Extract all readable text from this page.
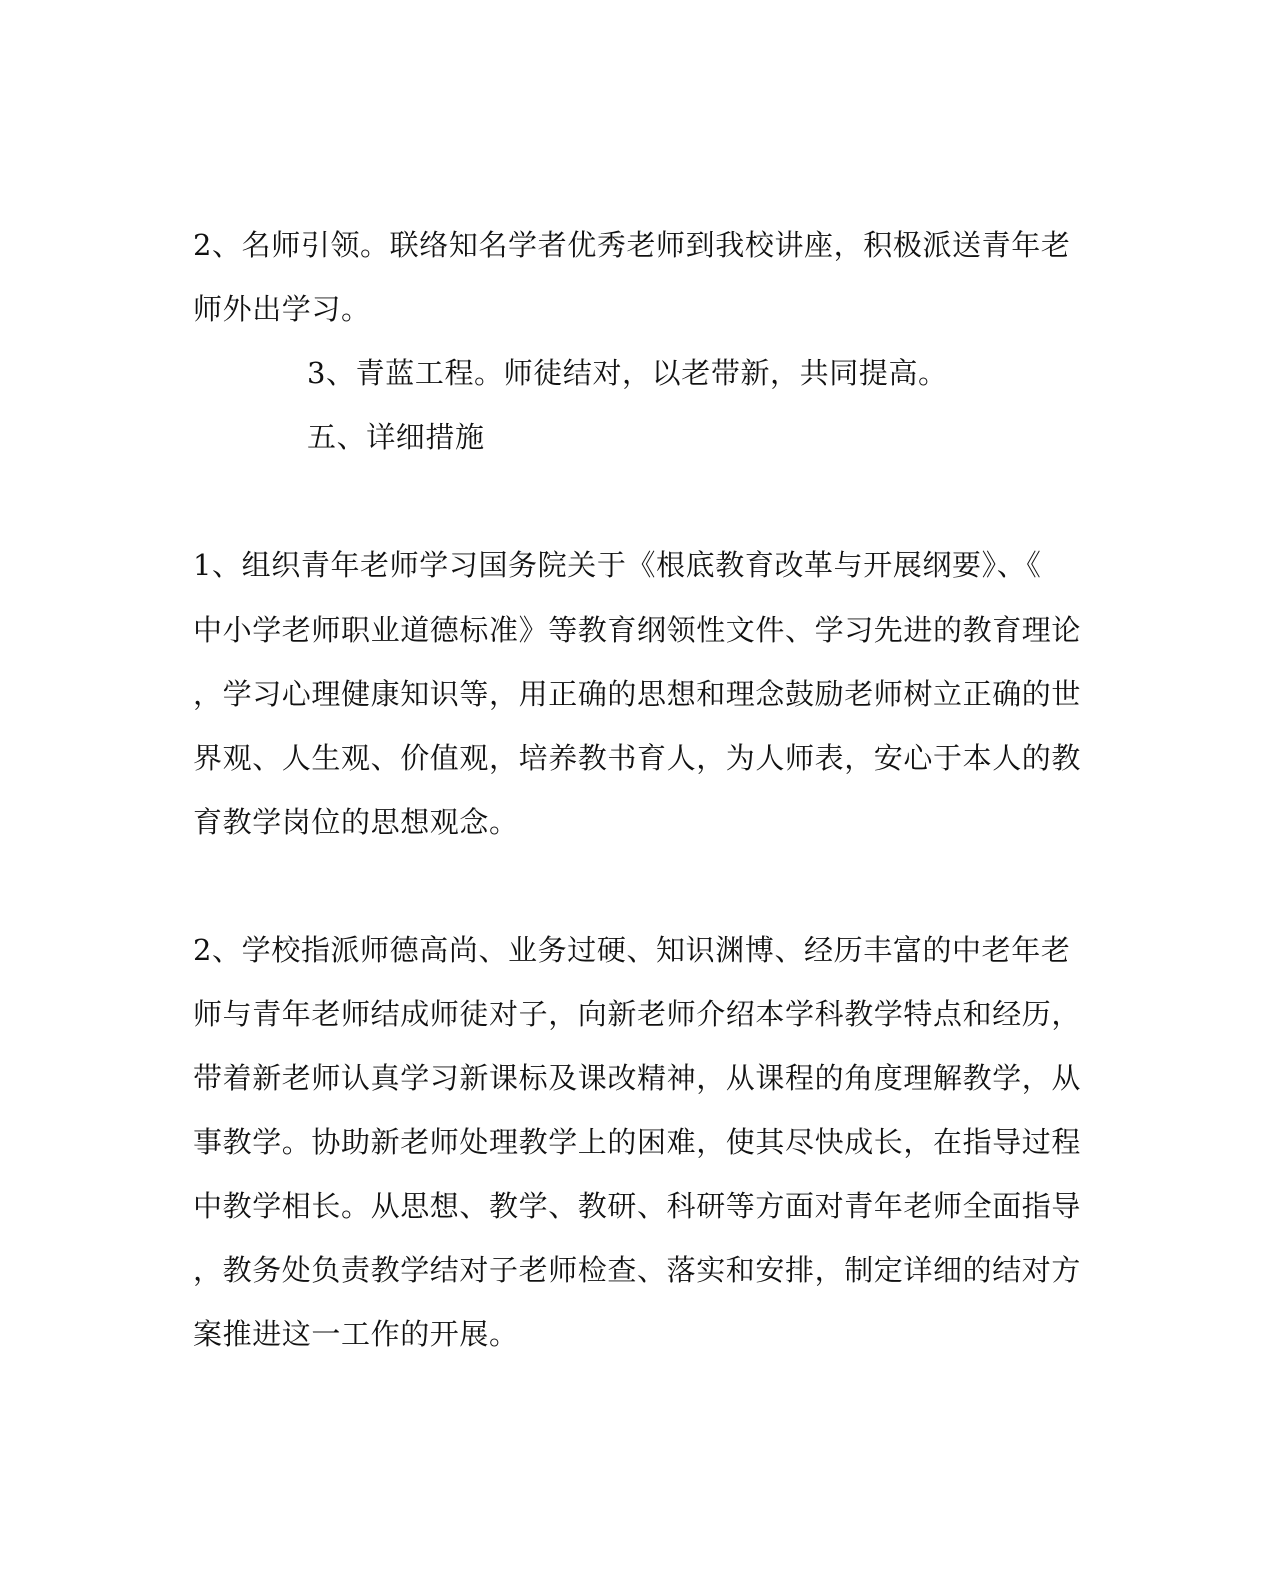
2、名师引领。联络知名学者优秀老师到我校讲座，积极派送青年老
师外出学习。
3、青蓝工程。师徒结对，以老带新，共同提高。
五、详细措施
1、组织青年老师学习国务院关于《根底教育改革与开展纲要》、《
中小学老师职业道德标准》等教育纲领性文件、学习先进的教育理论
，学习心理健康知识等，用正确的思想和理念鼓励老师树立正确的世
界观、人生观、价值观，培养教书育人，为人师表，安心于本人的教
育教学岗位的思想观念。
2、学校指派师德高尚、业务过硬、知识渊博、经历丰富的中老年老
师与青年老师结成师徒对子，向新老师介绍本学科教学特点和经历，
带着新老师认真学习新课标及课改精神，从课程的角度理解教学，从
事教学。协助新老师处理教学上的困难，使其尽快成长，在指导过程
中教学相长。从思想、教学、教研、科研等方面对青年老师全面指导
，教务处负责教学结对子老师检查、落实和安排，制定详细的结对方
案推进这一工作的开展。
